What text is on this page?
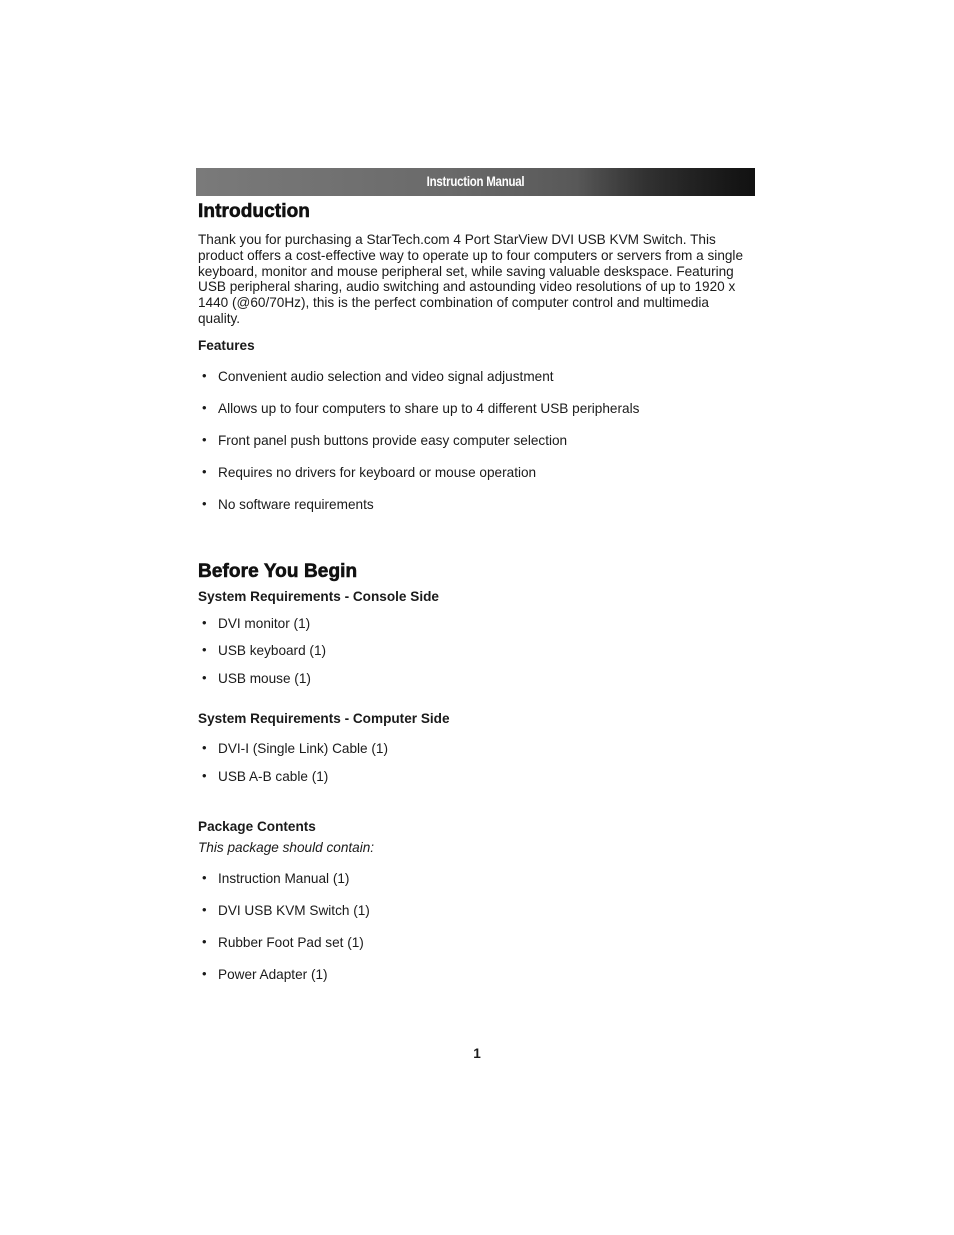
Instruction Manual
Introduction

Thank you for purchasing a StarTech.com 4 Port StarView DVI USB KVM Switch. This product offers a cost-effective way to operate up to four computers or servers from a single keyboard, monitor and mouse peripheral set, while saving valuable deskspace. Featuring USB peripheral sharing, audio switching and astounding video resolutions of up to 1920 x 1440 (@60/70Hz), this is the perfect combination of computer control and multimedia quality.

Features
• Convenient audio selection and video signal adjustment
• Allows up to four computers to share up to 4 different USB peripherals
• Front panel push buttons provide easy computer selection
• Requires no drivers for keyboard or mouse operation
• No software requirements
Before You Begin
System Requirements - Console Side
• DVI monitor (1)
• USB keyboard (1)
• USB mouse (1)
System Requirements - Computer Side
• DVI-I (Single Link) Cable (1)
• USB A-B cable (1)
Package Contents
This package should contain:
• Instruction Manual (1)
• DVI USB KVM Switch (1)
• Rubber Foot Pad set (1)
• Power Adapter (1)
1
